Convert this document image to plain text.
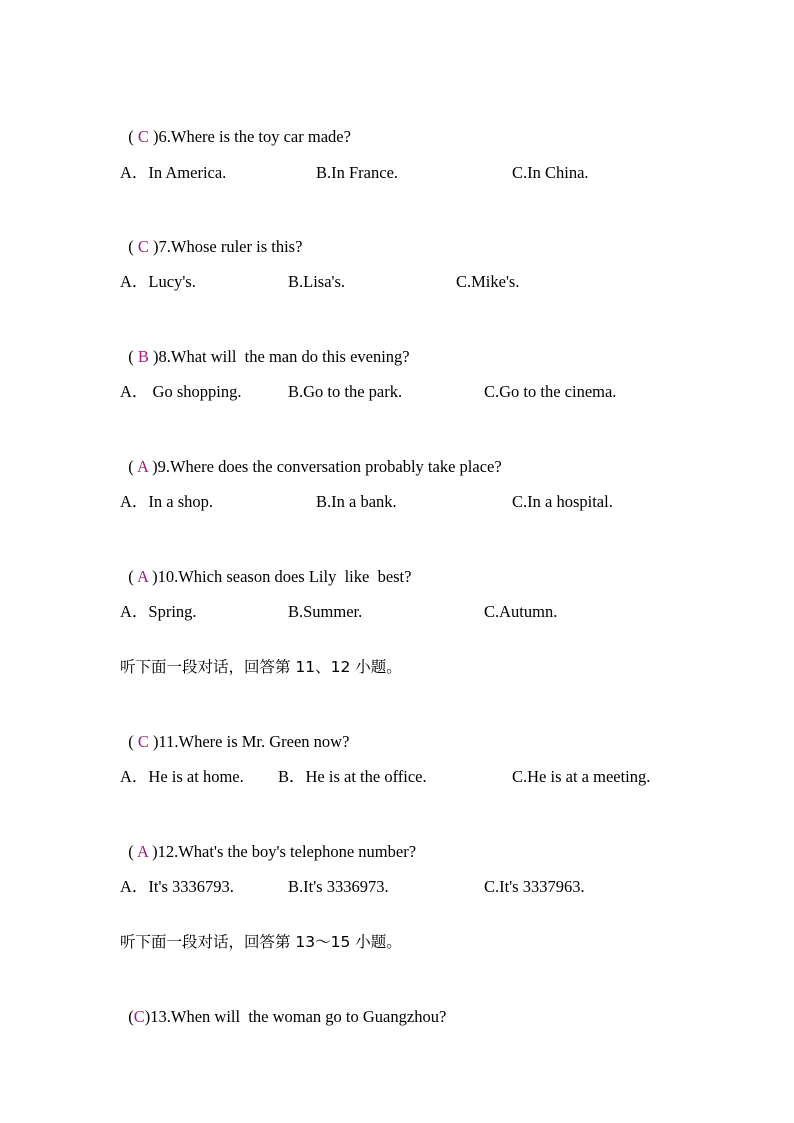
( C )6.Where is the toy car made?

A．In America.	B.In France.	C.In China.

( C )7.Whose ruler is this?

A．Lucy's.	B.Lisa's.	C.Mike's.

( B )8.What will  the man do this evening?

A． Go shopping.	B.Go to the park.	C.Go to the cinema.

( A )9.Where does the conversation probably take place?

A．In a shop.	B.In a bank.	C.In a hospital.

( A )10.Which season does Lily  like  best?

A．Spring.	B.Summer.	C.Autumn.
听下面一段对话，回答第 11、12 小题。

( C )11.Where is Mr. Green now?

A．He is at home. B．He is at the office.	C.He is at a meeting.

( A )12.What's the boy's telephone number?

A．It's 3336793.	B.It's 3336973.	C.It's 3337963.
听下面一段对话，回答第 13～15 小题。

(C)13.When will  the woman go to Guangzhou?
